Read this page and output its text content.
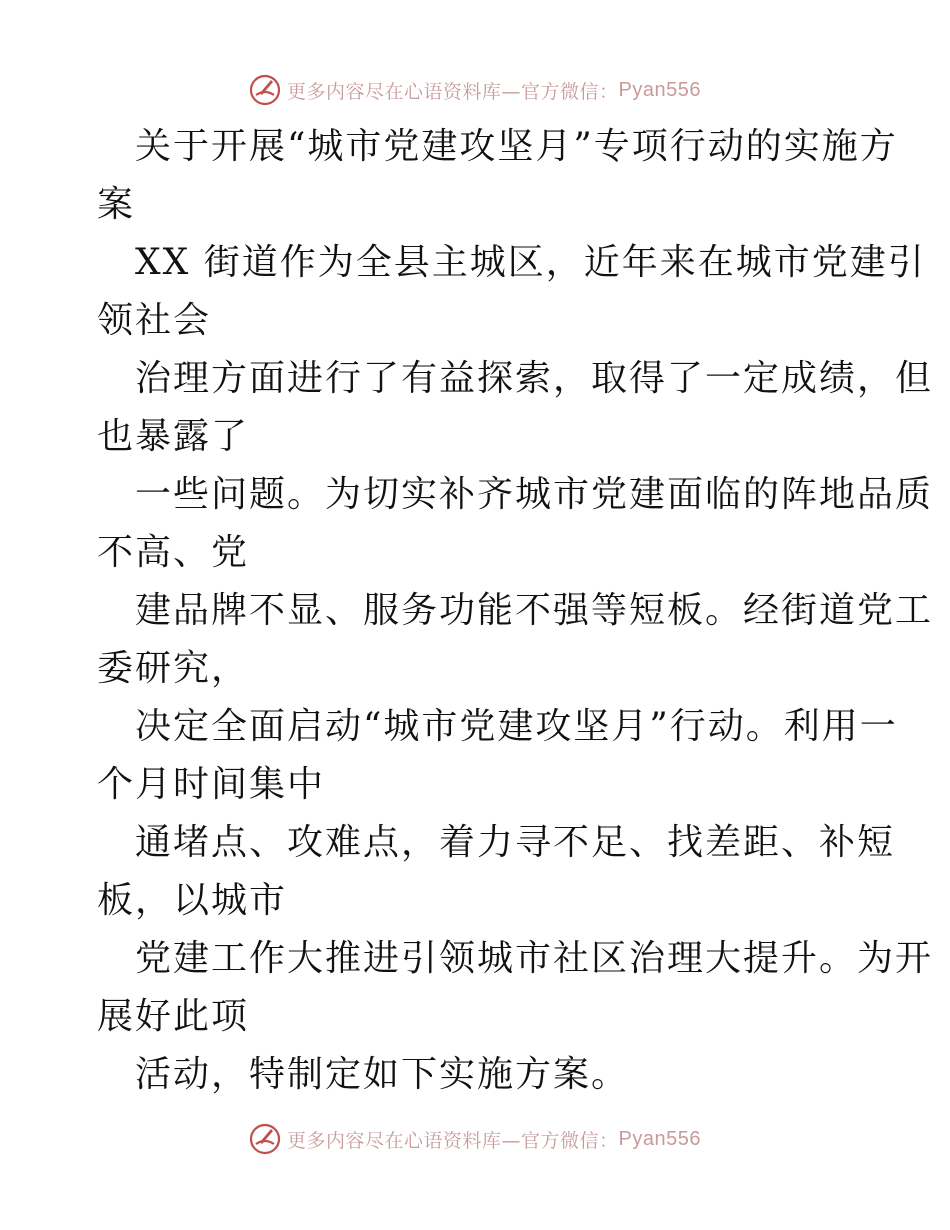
更多内容尽在心语资料库—官方微信： Pyan556

关于开展“城市党建攻坚月”专项行动的实施方
案

XX 街道作为全县主城区，近年来在城市党建引
领社会

治理方面进行了有益探索，取得了一定成绩，但
也暴露了

一些问题。为切实补齐城市党建面临的阵地品质
不高、党

建品牌不显、服务功能不强等短板。经街道党工
委研究，

决定全面启动“城市党建攻坚月”行动。利用一
个月时间集中

通堵点、攻难点，着力寻不足、找差距、补短
板，以城市

党建工作大推进引领城市社区治理大提升。为开
展好此项

活动，特制定如下实施方案。

更多内容尽在心语资料库—官方微信： Pyan556
